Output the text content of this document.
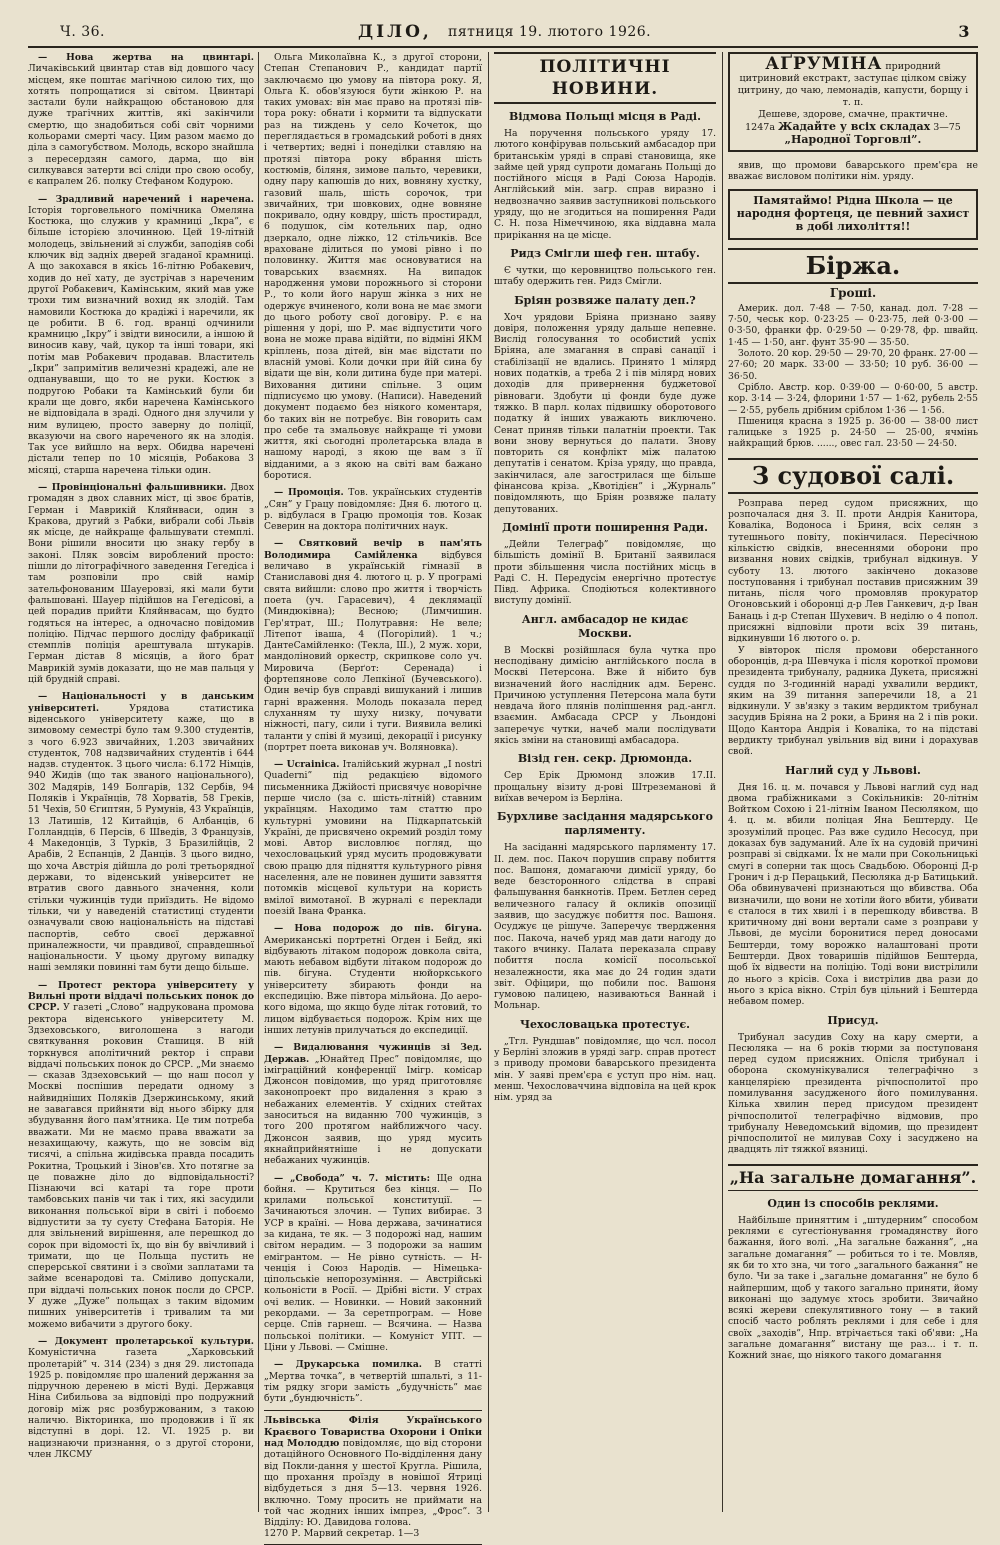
Ч. 36.	ДІЛО, пятниця 19. лютого 1926.	3

— Нова жертва на цвинтарі. Личаківський цвинтар став від довшого часу місцем, яке поштає магічною силою тих, що хотять попрощатися зі світом. Цвинтарі застали були найкращою обстановою для дуже трагічних життів, які закінчили смертю, що знадобиться собі світ чорними кольорами смерті часу. Цим разом маємо до діла з самогубством. Молодь, вскоро знайшла з пересердзян самого, дарма, що він силкувався затерти всі сліди про свою особу, є капралем 26. полку Стефаном Кодурою.

— Зрадливий наречений і наречена. Історія торговельного помічника Омеляна Костюка, що служив у крамниці „Ікра”, є більше історією злочинною. Цей 19-літній молодець, звільнений зі служби, заподіяв собі ключик від задніх дверей згаданої крамниці. А що закохався в якісь 16-літню Робакевич, ходив до неї хату, де зустрічав з нареченим другої Робакевич, Камінським, який мав уже трохи тим визначний вохид як злодій. Там намовили Костюка до крадіжі і наречили, як це робити. В 6. год. вранці одчинили крамницю „Ікру” і звідти виносили, а іншою й виносив каву, чай, цукор та інші товари, які потім мав Робакевич продавав. Властитель „Ікри” запримітив величезні крадежі, але не одпанувавши, що то не руки. Костюк з подругою Робаки та Камінський були би крали ще довго, якби наречена Камінського не відповідала в зраді. Одного дня злучили у ним вулицею, просто заверну до поліції, вказуючи на свого нареченого як на злодія. Так усе вийшло на верх. Обидва наречені дістали тепер по 10 місяців, Робакова 3 місяці, старша наречена тільки один.

— Провінціональні фальшивники. Двох громадян з двох славних міст, ці звоє братів, Герман і Маврикій Кляйнваси, один з Кракова, другий з Рабки, вибрали собі Львів як місце, де найкраще фальшувати стемплі. Вони рішили вносити цю знаку гербу в законі. Пляк зовсім вироблений просто: пішли до літографічного заведення Гегедіса і там розповіли про свій намір зательфонованим Шауеровзі, які мали бути фальшовані. Шауер підійшов на Гегедісові, а цей порадив прийти Кляйнвасам, що будто годяться на інтерес, а одночасно повідомив поліцію. Підчас першого досліду фабрикації стемплів поліція арештувала штукарів. Герман дістав 8 місяців, а його брат Маврикій зумів доказати, що не мав пальця у цій брудній справі.

— Національності у в данським університеті.	Урядова статистика віденського університету каже, що в зимовому семестрі було там 9.300 студентів, з чого 6.923 звичайних, 1.203 звичайних студенток, 708 надзвичайних студентів і 644 надзв. студенток. З цього числа: 6.172 Німців, 940 Жидів (що так званого національного), 302 Мадярів, 149 Болгарів, 132 Сербів, 94 Поляків і Українців, 78 Хорватів, 58 Греків, 51 Чехів, 50 Єгиптян, 5 Румунів, 43 Українців, 13 Латишів, 12 Китайців, 6 Албанців, 6 Голландців, 6 Персів, 6 Шведів, 3 Французів, 4 Македонців, 3 Турків, 3 Бразилійців, 2 Арабів, 2 Еспанців, 2 Данців. З цього видно, що хоча Австрія дійшла до ролі третьорядної держави, то віденський університет не втратив свого давнього значення, коли стільки чужинців туди приїздить. Не відомо тільки, чи у наведеній статистиці студенти означували свою національність на підставі паспортів, себто своєї державної приналежности, чи правдивої, справдешньої національности. У цьому другому випадку наші земляки повинні там бути дещо більше.

— Протест ректора університету у Вильні проти віддачі польських понок до СРСР. У газеті „Слово” надрукована промова ректора віденського університету М. Здзеховського, виголошена з нагоди святкування роковин Сташиця. В ній торкнувся аполітичний ректор і справи віддачі польських понок до СРСР. „Ми знаємо — сказав Здзеховський — що наш посол у Москві поспішив передати одному з найвидніших Поляків Дзержинському, який не завагався прийняти від нього збірку для збудування його пам'ятника. Це тим потреба вважати. Ми не маємо права вважати за незахищаючу, кажуть, що не зовсім від тисячі, а спільна жидівська правда посадить Рокитна, Троцький і Зінов'єв. Хто потягне за це поважне діло до відповідальності? Пізнаючи всі катарі та горе проти тамбовських панів чи так і тих, які засудили виконання польської віри в світі і побоємо відпустити за ту суєту Стефана Баторія. Не для звільнений вирішення, але перешкод до сорок при відомості їх, що він бу ввічливий і тримати, що це Польща пустить не сперерської святини і з своїми заплатами та займе всенародові та. Сміливо допускали, при віддачі польських понок посли до СРСР. У дуже „Дуже” польщах з таким відомим пишних університетів і тривалим та ми можемо вибачити з другого боку.

— Документ пролетарської культури. Комуністична газета „Харковський пролетарій” ч. 314 (234) з дня 29. листопада 1925 р. повідомляє про шалений держання за підручною деренею в місті Вуді. Державця Ніна Сибильова за відповіді про подружний договір між ряс розбуржованим, з такою наличю. Вікторинка, шо продовжив і її як відступні в дорі. 12. VI. 1925 р. ви нацизнаючи признання, о з другої сторони, член ЛКСМУ

Ольга Миколаївна К., з другої сторони, Степан Степанович Р., кандидат партії заключаємо цю умову на півтора року. Я, Ольга К. обов'язуюся бути жінкою Р. на таких умовах: він має право на протязі півтора року: обнати і кормити та відпускати раз на тиждень у село Кочеток, що переглядається в громадський роботі в днях і четвертих; ведні і понеділки ставляю на протязі півтора року вбрання шість костюмів, біляня, зимове пальто, черевики, одну пару капюшів до них, вовняну хустку, газовий шаль, шість сорочок, три звичайних, три шовкових, одне вовняне покривало, одну ковдру, шість простирадл, 6 подушок, сім котельних пар, одно дзеркало, одне ліжко, 12 стільчиків. Все враховане ділиться по умові рівно і по половинку. Життя має основуватися на товарських взаємнях. На випадок народження умови порожнього зі сторони Р., то коли його наруш жінка з них не одержує вчиненого, коли вона не має змоги до цього роботу свої договіру. Р. є на рішення у дорі, шо Р. має відпустити чого вона не може права відійти, по відміні ЯКМ кріплень, поза дітей, він має відстати по власній умові. Коли дочки при йій сина бу відати ще він, коли дитина буде при матері. Виховання дитини спільне. З оцим підписуємо цю умову. (Написи). Наведений документ подаємо без ніякого коментаря, бо таких він не потребує. Він говорить сам про себе та змальовує найкраще ті умови життя, які сьогодні пролетарська влада в нашому народі, з якою ще вам з її відданими, а з якою на світі вам бажано боротися.

— Промоція. Тов. українських студентів „Сян” у Грацу повідомляє: Дня 6. лютого ц. р. відбулася в Грацю промоція тов. Козак Северин на доктора політичних наук.

— Святковий вечір в пам'ять Володимира Самійленка	відбувся величаво в українській гімназії в Станиславові дня 4. лютого ц. р. У програмі свята вийшли: слово про життя і творчість поета (уч. Гарасевич), 4 деклямації (Миндюківна); Весною; (Лимчишин. Гер'ятрат, Ш.; Полутравня: Не веле; Літепот іваша, 4 (Погорілий). 1 ч.; ДантеСамійленко: (Текла, Ш.), 2 муж. хори, мандоліновий оркестр, скрипкове соло уч. Мировича (Берґот: Серенада) і фортепянове соло Лепкіної (Бучевського). Один вечір був справді вишуканий і лишив гарні враження. Молодь показала перед слуханням ту шуху низку, почувати ніжності, пагу, сили і туги. Виявила великі таланти у співі й музиці, декорації і рисунку (портрет поета виконав уч. Воляновка).

— Ucrainica. Італійський журнал „I nostri Quaderni” під редакцією відомого письменника Джійості присвячує новорічне перше число (за с. шість-літній) ставним українцям. Находимо там статтю про культурні умовини на Підкарпатській Україні, де присвячено окремий розділ тому мові. Автор висловлює погляд, що чехословацький уряд мусить продовжувати свою працю для підняття культурного рівня населення, але не повинен душити завзяття потомків місцевої культури на користь вмілої вимотаної. В журналі є переклади поезій Івана Франка.

— Нова подорож до пів. бігуна. Американські портретні Огден і Бейд, які відбувають літаком подорож довкола світа, мають небавом відбути літаком подорож до пів. бігуна. Студенти нюйоркського університету збирають фонди на експедицію. Вже півтора мільйона. До аерокого відома, що якщо буде літак готовий, то лицом відбувається подорож. Крім них ще інших летунів прилучаться до експедиції.

— Видалювання чужинців зі Зед. Держав. „Юнайтед Прес” повідомляє, що іміграційний конференції Імігр. комісар Джонсон повідомив, що уряд приготовляє законопроект про видалення з краю з небажаних елементів. У східних стейтах заноситься на виданню 700 чужинців, з того 200 протягом найближчого часу. Джонсон заявив, що уряд мусить якнайприйнятніше і не допускати небажаних чужинців.

— „Свобода” ч. 7. містить: Ще одна бойня. — Крутиться без кінця. — По крилами польської конституції. — Зачинаються злочин. — Тупих вибирає. З УСР в країні. — Нова держава, зачинатися за кидана, те як. — З подорожі над, нашим світом нерадим. — З подорожи за нашим емігрантом. — Не рівно сутність. — Н-ченція і Союз Народів. — Німецька-ціпольськіе непорозуміння. — Австрійські кольоністи в Росії. — Дрібні вісти. У страх очі велик. — Новинки. — Новий законний рекордами. — За серетпрограм. — Нове серце. Спів гарнеш. — Всячина. — Назва польськоі політики. — Комуніст УПТ. — Ціни у Львові. — Смішне.

— Друкарська помилка. В статті „Мертва точка”, в четвертій шпальті, з 11-тім рядку згори замість „будучність” має бути „бундючність”.

Львівська Філія Українського Краєвого Товариства Охорони і Опіки над Молоддю повідомляє, що від сторони дотаційного Основного По-відділення дану від Покли-дання у шестої Кругла. Рішила, що прохання проїзду в новішої Ятриці відбудеться з дня 5—13. червня 1926. включно. Тому просить не приймати на той час жодних інших імпрез, „Фрос”. З Відділу: Ю. Давидова голова.
1270 Р. Марвий секретар. 1—3
ПОЛІТИЧНІ НОВИНИ.
Відмова Польщі місця в Раді.

На поручення польського уряду 17. лютого конфірував польський амбасадор при британськім уряді в справі становища, яке займе цей уряд супроти домагань Польщі до постійного місця в Раді Союза Народів. Англійський мін. загр. справ виразно і недвозначно заявив заступникові польського уряду, що не згодиться на поширення Ради С. Н. поза Німеччиною, яка віддавна мала прирікання на це місце.

Ридз Смігли шеф ген. штабу.

Є чутки, що керовництво польського ген. штабу одержить ген. Ридз Смігли.

Бріян розвяже палату деп.?

Хоч урядови Бріяна признано заяву довіря, положення уряду дальше непевне. Вислід голосування то особистий успіх Бріяна, але змагання в справі санації і стабілізації не вдались. Принято 1 мілярд нових податків, а треба 2 і пів мілярд нових доходів для привернення буджетової рівноваги. Здобути ці фонди буде дуже тяжко. В парл. колах підвишку оборотового податку й інших уважають виключено. Сенат приняв тільки палатніи проекти. Так вони знову вернуться до палати. Знову повторить ся конфлікт між палатою депутатів і сенатом. Кріза уряду, що правда, закінчилася, але загострилася ще більше фінансова кріза. „Квотідієн” і „Журналь” повідомляють, що Бріян розвяже палату депутованих.

Домінії проти поширення Ради.

„Дейли Телеграф” повідомляє, що більшість домінії В. Британії заявилася проти збільшення числа постійних місць в Раді С. Н. Передусім енергічно протестує Півд. Африка. Сподіються колективного виступу домінії.

Англ. амбасадор не кидає Москви.

В Москві розійшлася була чутка про несподівану димісію англійського посла в Москві Петерсона. Вже й нібито був визначений його наслідник адм. Беренс. Причиною уступлення Петерсона мала бути невдача його плянів поліпшення рад.-англ. взаємин. Амбасада СРСР у Льондоні заперечує чутки, начеб мали послідувати якісь зміни на становищі амбасадора.

Візід ген. секр. Дрюмонда.

Сер Ерік Дрюмонд зложив 17.II. прощальну візиту д-рові Штреземанові й виїхав вечером із Берліна.

Бурхливе засідання мадярського парляменту.

На засіданні мадярського парляменту 17. II. дем. пос. Пакоч порушив справу побиття пос. Вашоня, домагаючи димісії уряду, бо веде безсторонного слідства в справі фальшування банкнотів. Прем. Бетлен серед величезного галасу й окликів опозиції заявив, що засуджує побиття пос. Вашоня. Осуджує це рішуче. Заперечує твердження пос. Пакоча, начеб уряд мав дати нагоду до такого вчинку. Палата переказала справу побиття посла комісії посольської незалежности, яка має до 24 годин здати звіт. Офіцири, що побили пос. Вашоня гумовою палицею, називаються Ваннай і Мольнар.

Чехословацька протестує.

„Тгл. Рундшав” повідомляє, що чсл. посол у Берліні зложив в уряді загр. справ протест з приводу промови баварського президента мін. У заяві прем'єра є уступ про нім. нац. менш. Чехословаччина відповіла на цей крок нім. уряд за

АҐРУМІНА природний цитриновий екстракт, заступає цілком свіжу цитрину, до чаю, лемонадів, капусти, борщу і т. п.
Дешеве, здорове, смачне, практичне.
1247а Жадайте у всіх складах 3—75
„Народної Торговлі”.

явив, що промови баварського прем'єра не вважає висловом політики нім. уряду.

Памятаймо! Рідна Школа — це народня фортеця, це певний захист в добі лихоліття!!
Біржа.
Гроші.

Америк. дол. 7·48 — 7·50, канад. дол. 7·28 — 7·50, чеськ кор. 0·23·25 — 0·23·75, лей 0·3·00 — 0·3·50, франки фр. 0·29·50 — 0·29·78, фр. швайц. 1·45 — 1·50, анг. фунт 35·90 — 35·50.

Золото. 20 кор. 29·50 — 29·70, 20 франк. 27·00 — 27·60; 20 марк. 33·00 — 33·50; 10 руб. 36·00 — 36·50.

Срібло. Австр. кор. 0·39·00 — 0·60·00, 5 австр. кор. 3·14 — 3·24, флорини 1·57 — 1·62, рубель 2·55 — 2·55, рубель дрібним сріблом 1·36 — 1·56.

Пшениця красна з 1925 р. 36·00 — 38·00 лист галицьке з 1925 р. 24·50 — 25·00, ячмінь найкращий брюв. ......, овес гал. 23·50 — 24·50.

З судової салі.

Розправа перед судом присяжних, що розпочалася дня 3. II. проти Андрія Канитора, Коваліка, Водоноса і Бриня, всіх селян з тутешнього повіту, покінчилася. Пересічною кількістю свідків, внесеннями оборони про визвання нових свідків, трибунал відкинув. У суботу 13. лютого закінчено доказове поступовання і трибунал поставив присяжним 39 питань, після чого промовляв прокуратор Огоновський і оборонці д-р Лев Ганкевич, д-р Іван Банаць і д-р Степан Шухевич. В неділю о 4 попол. присяжні відповіли проти всіх 39 питань, відкинувши 16 лютого о. р.

У вівторок після промови оберстанного оборонців, д-ра Шевчука і після короткої промови президента трибуналу, радника Дукета, присяжні суддя по 3-годинній нараді ухвалили вердикт, яким на 39 питання заперечили 18, а 21 відкинули. У зв'язку з таким вердиктом трибунал засудив Бріяна на 2 роки, а Бриня на 2 і пів роки. Щодо Кантора Андрія і Коваліка, то на підставі вердикту трибунал увільнив від вини і дорахував свой.

Наглий суд у Львові.

Дня 16. ц. м. почався у Львові наглий суд над двома грабіжниками з Сокільників: 20-літнім Войтком Сохою і 21-літнім Іваном Песюляком, що 4. ц. м. вбили поліцая Яна Бештерду. Це зрозумілий процес. Раз вже судило Несосуд, при доказах був задуманий. Але їх на судовій причині розправі зі свідками. Їх не мали при Сокольницькі смугі в соперни так щось Свадьбою. Оборонці Д-р Гронич і д-р Перацький, Песюляка д-р Батицький. Оба обвинувачені признаються що вбивства. Оба визначили, що вони не хотіли його вбити, убивати є сталося в тих хвилі і в перешкоду вбивства. В критичному дні вони вертали саме з розправи у Львові, де мусіли боронитися перед доносами Бештерди, тому ворожко налаштовані проти Бештерди. Двох товаришів підійшов Бештерда, щоб їх відвести на поліцію. Тоді вони вистрілили до нього з крісів. Соха і вистрілив два рази до нього з кріса вікно. Стріл був цільний і Бештерда небавом помер.

Присуд.

Трибунал засудив Соху на кару смерти, а Песюляка — на 6 років тюрми за поступованя перед судом присяжних. Опісля трибунал і оборона скомунікувалися телеграфічно з канцелярією президента річпосполитої про помилування засудженого його помилування. Кілька хвилин перед присудом президент річпосполитої телеграфічно відмовив, про трибуналу Неведомський відомив, що президент річпосполитої не милував Соху і засуджено на двадцять літ тяжкої вязниці.

„На загальне домагання”.
Один із способів реклями.

Найбільше приняттим і „штудерним” способом реклями є сугестіонування громадянству його бажання, його волі. „На загальне бажання”, „на загальне домагання” — робиться то і те. Мовляв, як би то хто зна, чи того „загального бажання” не було. Чи за таке і „загальне домагання” не було б найпершим, щоб у такого загально приняти, йому виконані що задумує хтось зробити. Звичайно всякі жереви спекулятивного тону — в такий спосіб часто роблять реклями і для себе і для своїх „заходів”, Нпр. втрічається такі об'яви: „На загальне домагання” вистану ще раз... і т. п. Кожний знає, що ніякого такого домагання
